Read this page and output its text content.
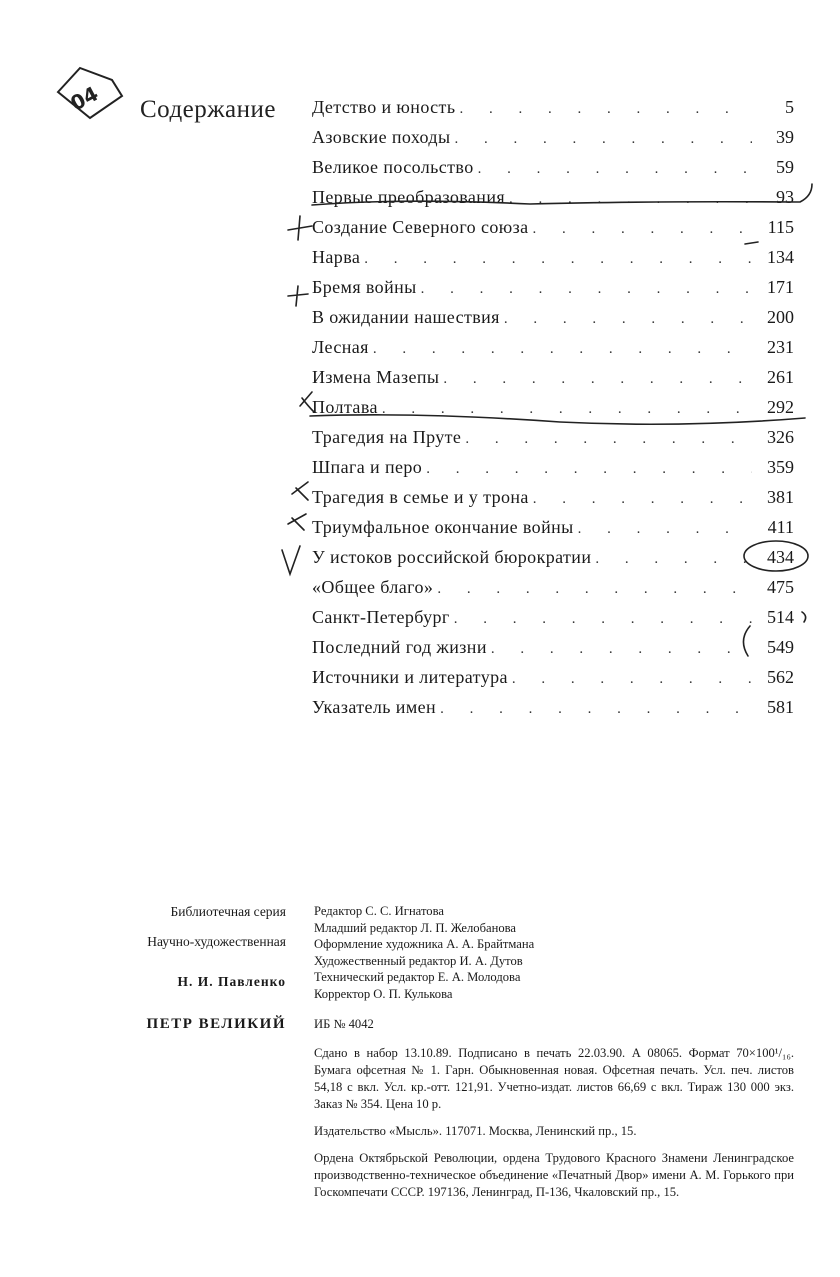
04 Содержание Детство и юность . . .	5
Азовские походы . . .	39
Великое посольство . . .	59
Первые преобразования . . .	93
Создание Северного союза . . .	115
Нарва . . .	134
Бремя войны . . .	171
В ожидании нашествия . . .	200
Лесная . . .	231
Измена Мазепы . . .	261
Полтава . . .	292
Трагедия на Пруте . . .	326
Шпага и перо . . .	359
Трагедия в семье и у трона . . .	381
Триумфальное окончание войны . . .	411
У истоков российской бюрократии . . .	434
«Общее благо» . . .	475
Санкт-Петербург . . .	514
Последний год жизни . . .	549
Источники и литература . . .	562
Указатель имен . . .	581
Библиотечная серия
Научно-художественная
Н. И. Павленко
ПЕТР ВЕЛИКИЙ
Редактор С. С. Игнатова
Младший редактор Л. П. Желобанова
Оформление художника А. А. Брайтмана
Художественный редактор И. А. Дутов
Технический редактор Е. А. Молодова
Корректор О. П. Кулькова
ИБ № 4042
Сдано в набор 13.10.89. Подписано в печать 22.03.90. А 08065. Формат 70×100¹/₁₆. Бумага офсетная № 1. Гарн. Обыкновенная новая. Офсетная печать. Усл. печ. листов 54,18 с вкл. Усл. кр.-отт. 121,91. Учетно-издат. листов 66,69 с вкл. Тираж 130 000 экз. Заказ № 354. Цена 10 р.
Издательство «Мысль». 117071. Москва, Ленинский пр., 15.
Ордена Октябрьской Революции, ордена Трудового Красного Знамени Ленинградское производственно-техническое объединение «Печатный Двор» имени А. М. Горького при Госкомпечати СССР. 197136, Ленинград, П-136, Чкаловский пр., 15.
